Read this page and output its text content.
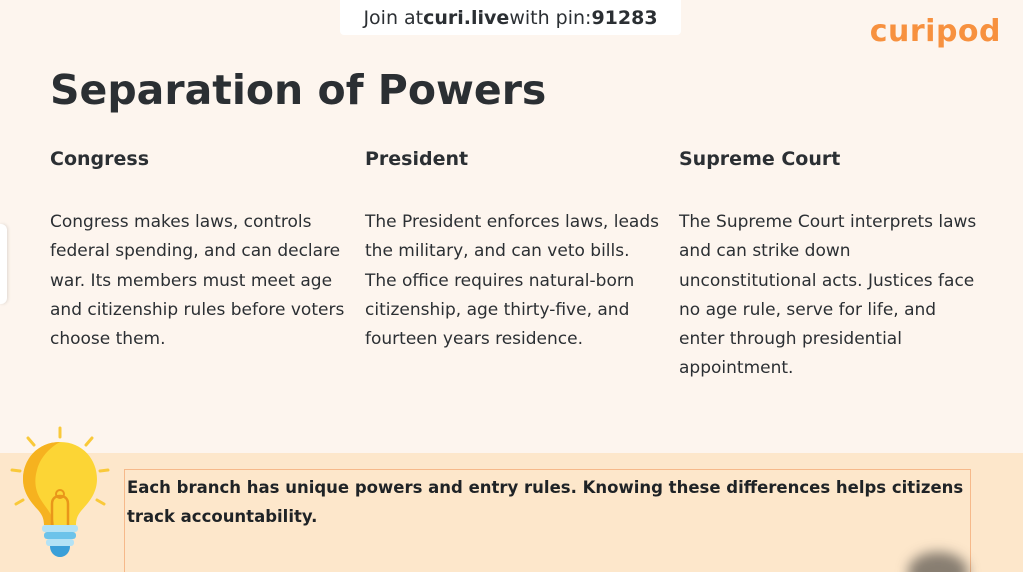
Join at curi.live with pin: 91283	curipod
Separation of Powers
Congress

Congress makes laws, controls federal spending, and can declare war. Its members must meet age and citizenship rules before voters choose them.

President

The President enforces laws, leads the military, and can veto bills. The office requires natural-born citizenship, age thirty-five, and fourteen years residence.

Supreme Court

The Supreme Court interprets laws and can strike down unconstitutional acts. Justices face no age rule, serve for life, and enter through presidential appointment.

Each branch has unique powers and entry rules. Knowing these differences helps citizens track accountability.
